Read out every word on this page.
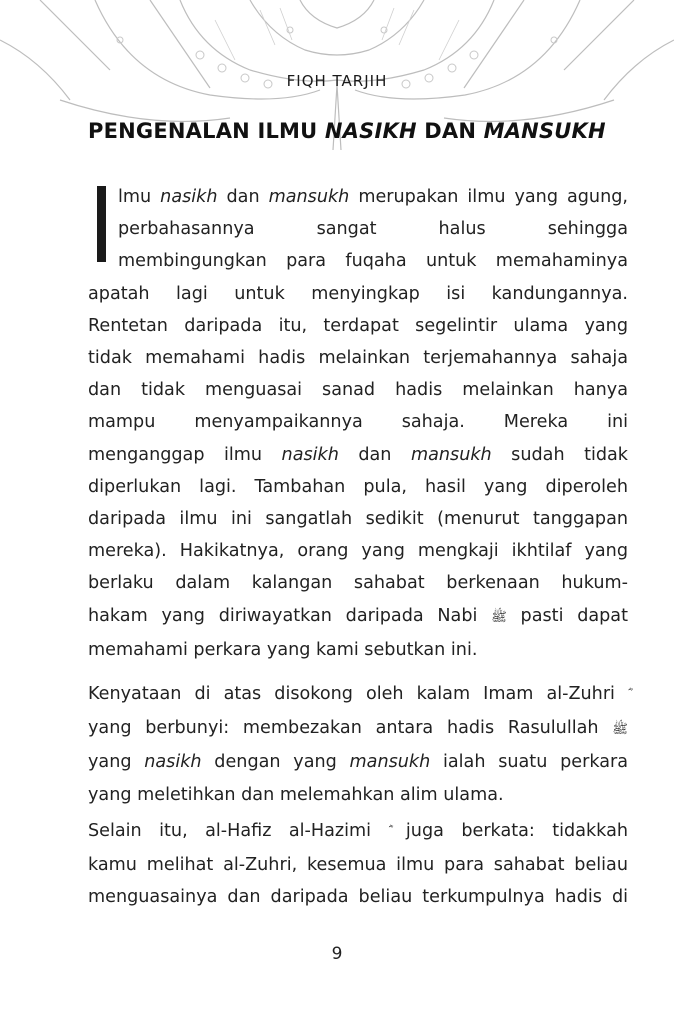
FIQH TARJIH
PENGENALAN ILMU NASIKH DAN MANSUKH
lmu nasikh dan mansukh merupakan ilmu yang agung,
perbahasannya sangat halus sehingga
membingungkan para fuqaha untuk memahaminya
apatah lagi untuk menyingkap isi kandungannya.
Rentetan daripada itu, terdapat segelintir ulama yang
tidak memahami hadis melainkan terjemahannya sahaja
dan tidak menguasai sanad hadis melainkan hanya
mampu menyampaikannya sahaja. Mereka ini
menganggap ilmu nasikh dan mansukh sudah tidak
diperlukan lagi. Tambahan pula, hasil yang diperoleh
daripada ilmu ini sangatlah sedikit (menurut tanggapan
mereka). Hakikatnya, orang yang mengkaji ikhtilaf yang
berlaku dalam kalangan sahabat berkenaan hukum-
hakam yang diriwayatkan daripada Nabi ﷺ pasti dapat
memahami perkara yang kami sebutkan ini.
Kenyataan di atas disokong oleh kalam Imam al-Zuhri
yang berbunyi: membezakan antara hadis Rasulullah ﷺ
yang nasikh dengan yang mansukh ialah suatu perkara
yang meletihkan dan melemahkan alim ulama.
Selain itu, al-Hafiz al-Hazimi juga berkata: tidakkah
kamu melihat al-Zuhri, kesemua ilmu para sahabat beliau
menguasainya dan daripada beliau terkumpulnya hadis di
9
